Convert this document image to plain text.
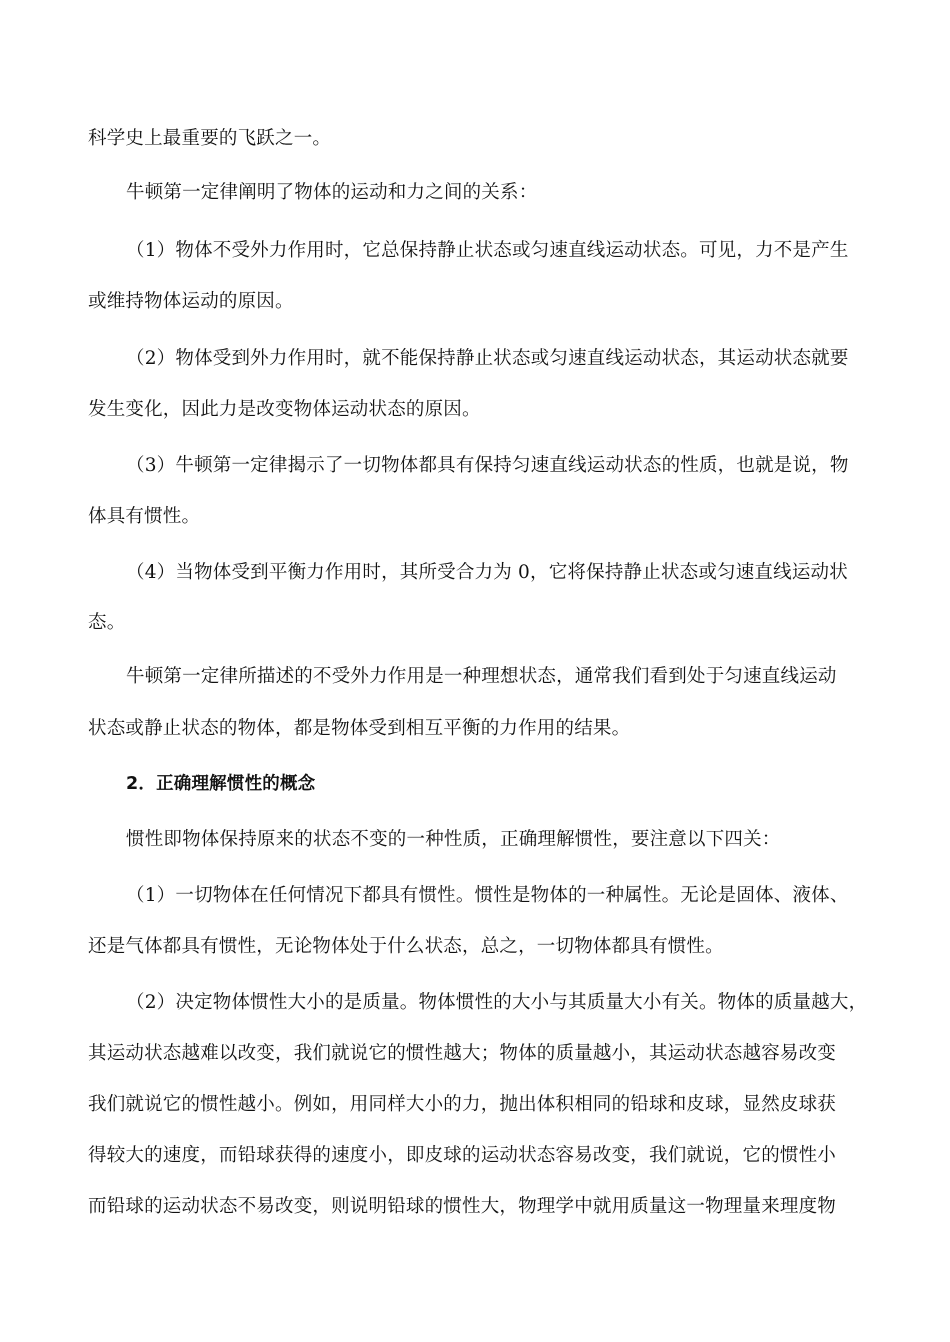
科学史上最重要的飞跃之一。
牛顿第一定律阐明了物体的运动和力之间的关系：
（1）物体不受外力作用时，它总保持静止状态或匀速直线运动状态。可见，力不是产生
或维持物体运动的原因。
（2）物体受到外力作用时，就不能保持静止状态或匀速直线运动状态，其运动状态就要
发生变化，因此力是改变物体运动状态的原因。
（3）牛顿第一定律揭示了一切物体都具有保持匀速直线运动状态的性质，也就是说，物
体具有惯性。
（4）当物体受到平衡力作用时，其所受合力为 0，它将保持静止状态或匀速直线运动状
态。
牛顿第一定律所描述的不受外力作用是一种理想状态，通常我们看到处于匀速直线运动
状态或静止状态的物体，都是物体受到相互平衡的力作用的结果。
2．正确理解惯性的概念
惯性即物体保持原来的状态不变的一种性质，正确理解惯性，要注意以下四关：
（1）一切物体在任何情况下都具有惯性。惯性是物体的一种属性。无论是固体、液体、
还是气体都具有惯性，无论物体处于什么状态，总之，一切物体都具有惯性。
（2）决定物体惯性大小的是质量。物体惯性的大小与其质量大小有关。物体的质量越大，
其运动状态越难以改变，我们就说它的惯性越大；物体的质量越小，其运动状态越容易改变
我们就说它的惯性越小。例如，用同样大小的力，抛出体积相同的铅球和皮球，显然皮球获
得较大的速度，而铅球获得的速度小，即皮球的运动状态容易改变，我们就说，它的惯性小
而铅球的运动状态不易改变，则说明铅球的惯性大，物理学中就用质量这一物理量来理度物
